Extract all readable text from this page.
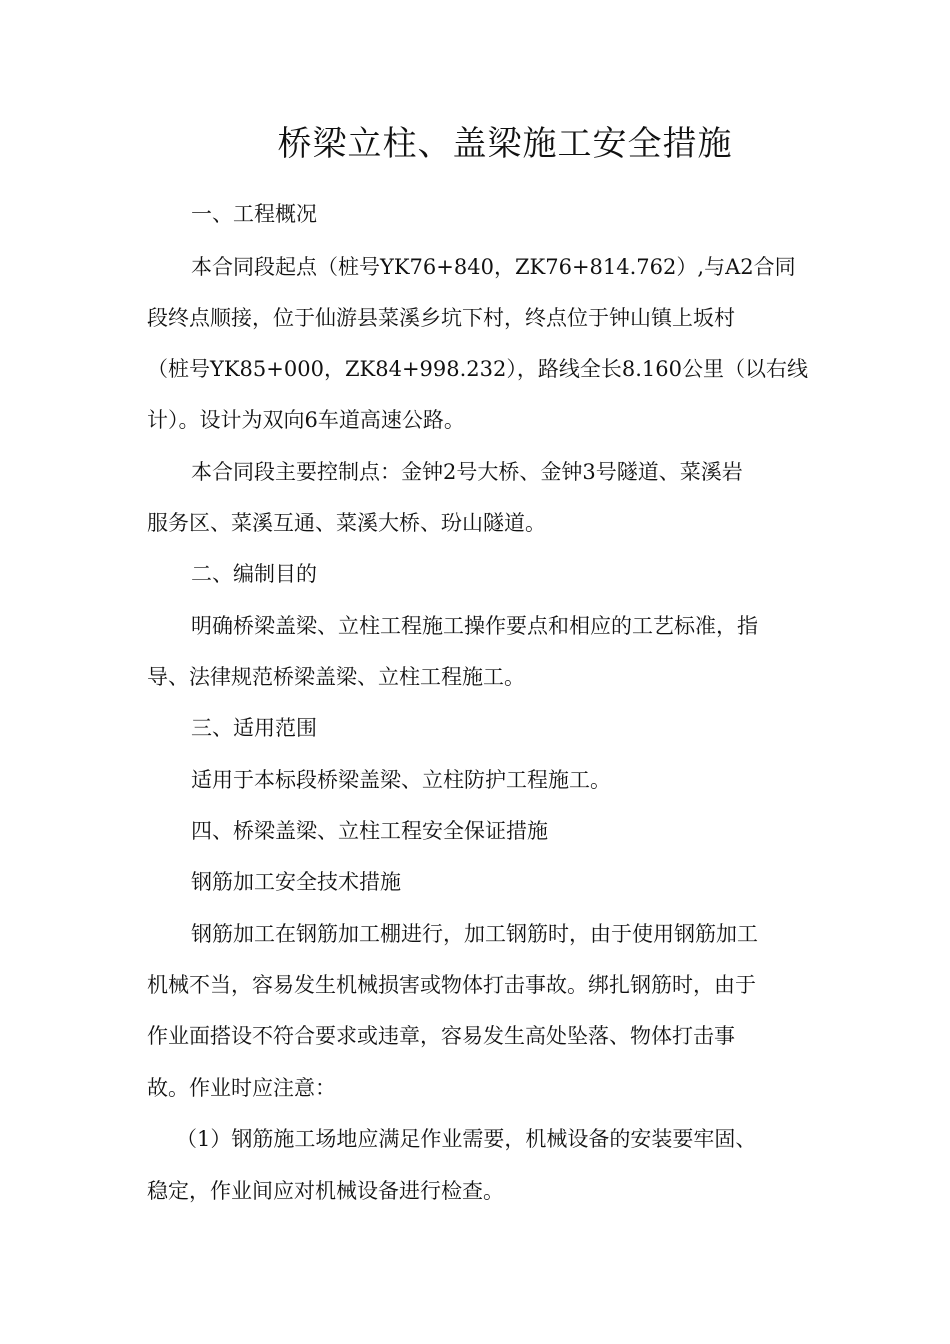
桥梁立柱、盖梁施工安全措施
一、工程概况
本合同段起点（桩号YK76+840，ZK76+814.762）,与A2合同
段终点顺接，位于仙游县菜溪乡坑下村，终点位于钟山镇上坂村
（桩号YK85+000，ZK84+998.232），路线全长8.160公里（以右线
计）。设计为双向6车道高速公路。
本合同段主要控制点：金钟2号大桥、金钟3号隧道、菜溪岩
服务区、菜溪互通、菜溪大桥、玢山隧道。
二、编制目的
明确桥梁盖梁、立柱工程施工操作要点和相应的工艺标准，指
导、法律规范桥梁盖梁、立柱工程施工。
三、适用范围
适用于本标段桥梁盖梁、立柱防护工程施工。
四、桥梁盖梁、立柱工程安全保证措施
钢筋加工安全技术措施
钢筋加工在钢筋加工棚进行，加工钢筋时，由于使用钢筋加工
机械不当，容易发生机械损害或物体打击事故。绑扎钢筋时，由于
作业面搭设不符合要求或违章，容易发生高处坠落、物体打击事
故。作业时应注意：
（1）钢筋施工场地应满足作业需要，机械设备的安装要牢固、
稳定，作业间应对机械设备进行检查。
